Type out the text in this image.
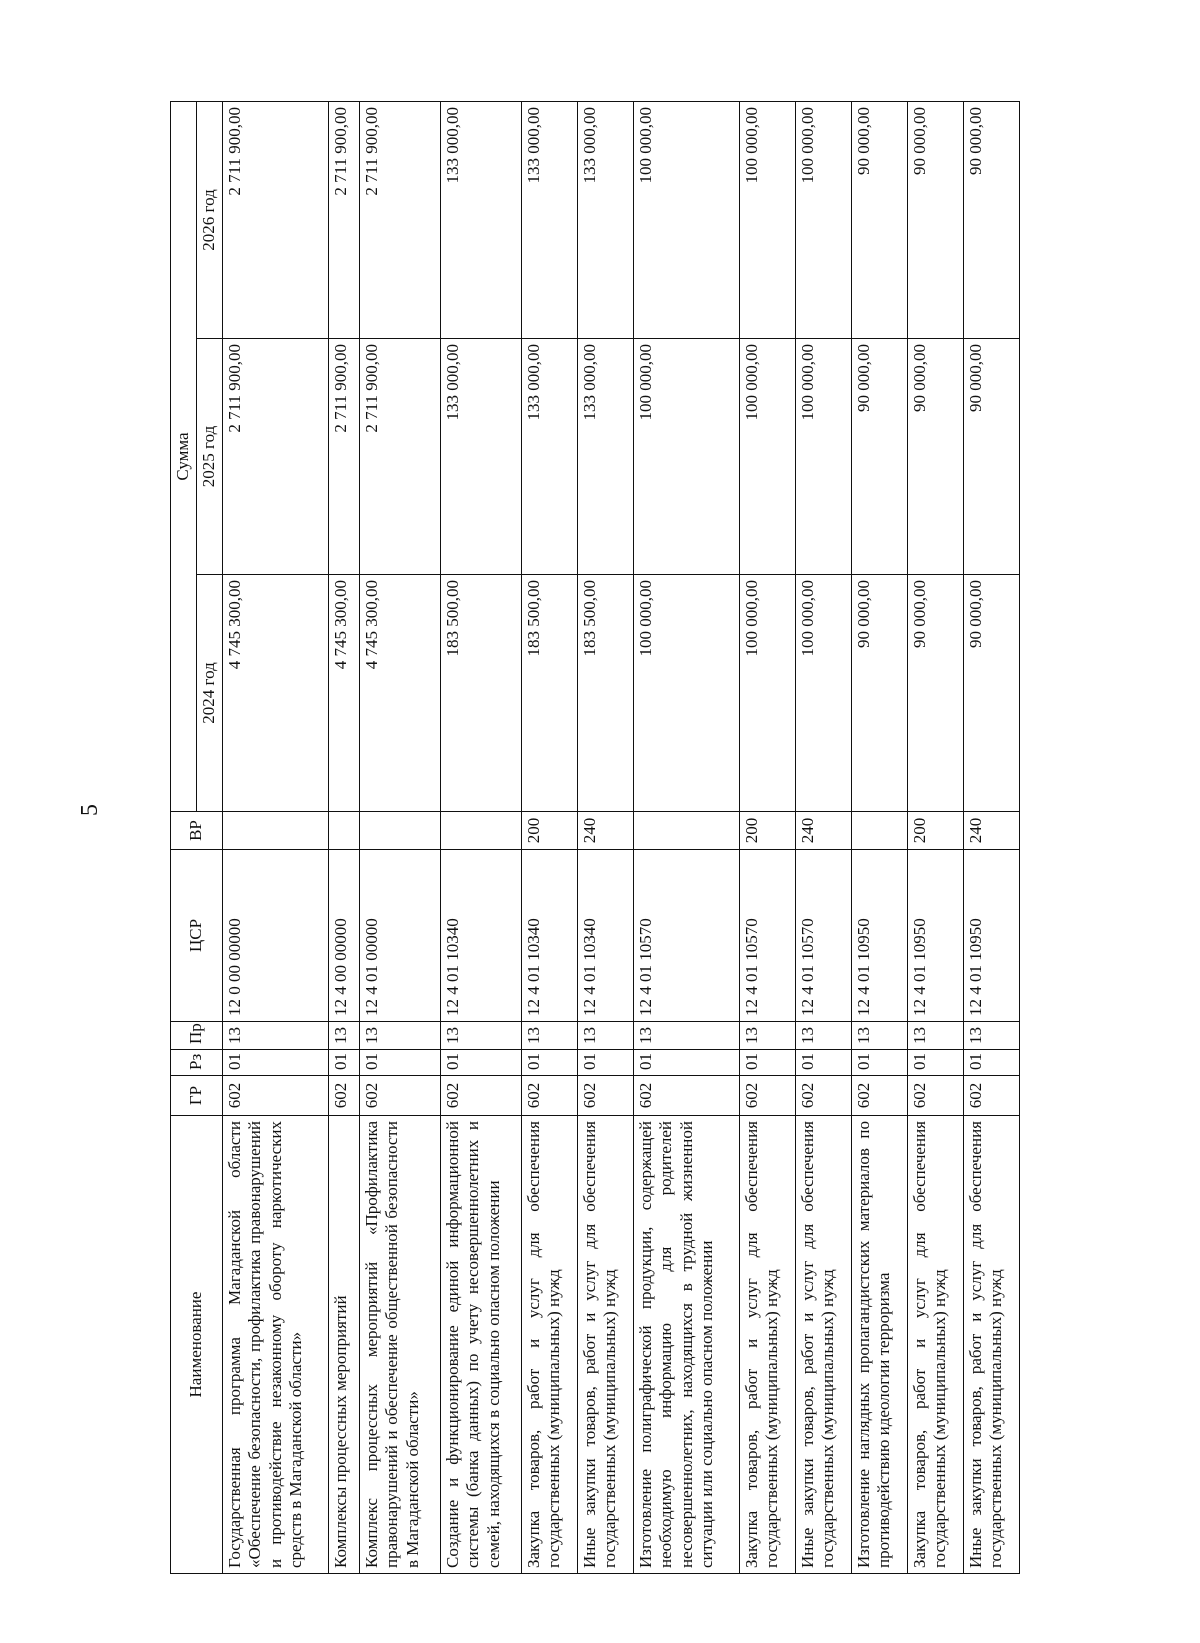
5
Наименование	ГР	Рз	Пр	ЦСР	ВР	Сумма		
						2024 год	2025 год	2026 год
Государственная программа Магаданской области «Обеспечение безопасности, профилактика правонарушений и противодействие незаконному обороту наркотических средств в Магаданской области»	602	01	13	12 0 00 00000		4 745 300,00	2 711 900,00	2 711 900,00
Комплексы процессных мероприятий	602	01	13	12 4 00 00000		4 745 300,00	2 711 900,00	2 711 900,00
Комплекс процессных мероприятий «Профилактика правонарушений и обеспечение общественной безопасности в Магаданской области»	602	01	13	12 4 01 00000		4 745 300,00	2 711 900,00	2 711 900,00
Создание и функционирование единой информационной системы (банка данных) по учету несовершеннолетних и семей, находящихся в социально опасном положении	602	01	13	12 4 01 10340		183 500,00	133 000,00	133 000,00
Закупка товаров, работ и услуг для обеспечения государственных (муниципальных) нужд	602	01	13	12 4 01 10340	200	183 500,00	133 000,00	133 000,00
Иные закупки товаров, работ и услуг для обеспечения государственных (муниципальных) нужд	602	01	13	12 4 01 10340	240	183 500,00	133 000,00	133 000,00
Изготовление полиграфической продукции, содержащей необходимую информацию для родителей несовершеннолетних, находящихся в трудной жизненной ситуации или социально опасном положении	602	01	13	12 4 01 10570		100 000,00	100 000,00	100 000,00
Закупка товаров, работ и услуг для обеспечения государственных (муниципальных) нужд	602	01	13	12 4 01 10570	200	100 000,00	100 000,00	100 000,00
Иные закупки товаров, работ и услуг для обеспечения государственных (муниципальных) нужд	602	01	13	12 4 01 10570	240	100 000,00	100 000,00	100 000,00
Изготовление наглядных пропагандистских материалов по противодействию идеологии терроризма	602	01	13	12 4 01 10950		90 000,00	90 000,00	90 000,00
Закупка товаров, работ и услуг для обеспечения государственных (муниципальных) нужд	602	01	13	12 4 01 10950	200	90 000,00	90 000,00	90 000,00
Иные закупки товаров, работ и услуг для обеспечения государственных (муниципальных) нужд	602	01	13	12 4 01 10950	240	90 000,00	90 000,00	90 000,00
